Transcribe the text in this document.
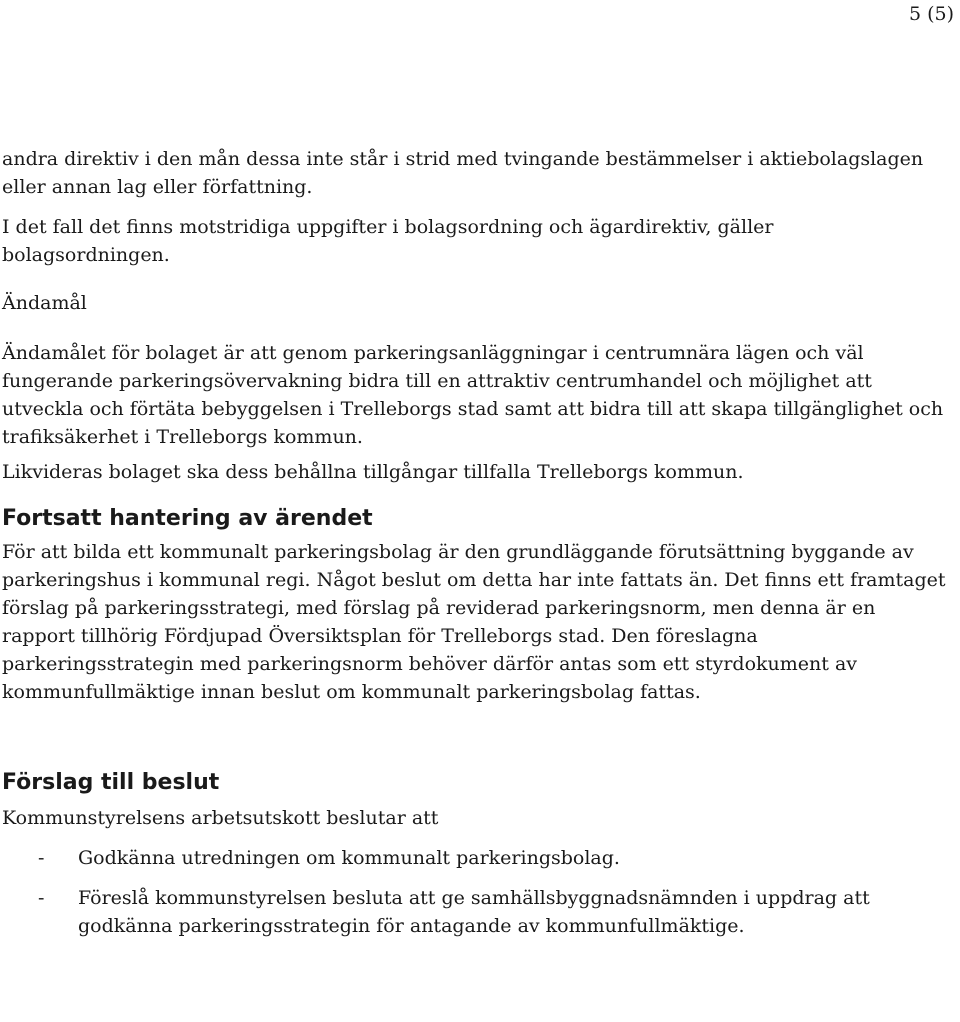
5 (5)

andra direktiv i den mån dessa inte står i strid med tvingande bestämmelser i aktiebolagslagen eller annan lag eller författning.

I det fall det finns motstridiga uppgifter i bolagsordning och ägardirektiv, gäller bolagsordningen.

Ändamål

Ändamålet för bolaget är att genom parkeringsanläggningar i centrumnära lägen och väl fungerande parkeringsövervakning bidra till en attraktiv centrumhandel och möjlighet att utveckla och förtäta bebyggelsen i Trelleborgs stad samt att bidra till att skapa tillgänglighet och trafiksäkerhet i Trelleborgs kommun.

Likvideras bolaget ska dess behållna tillgångar tillfalla Trelleborgs kommun.

Fortsatt hantering av ärendet

För att bilda ett kommunalt parkeringsbolag är den grundläggande förutsättning byggande av parkeringshus i kommunal regi. Något beslut om detta har inte fattats än. Det finns ett framtaget förslag på parkeringsstrategi, med förslag på reviderad parkeringsnorm, men denna är en rapport tillhörig Fördjupad Översiktsplan för Trelleborgs stad. Den föreslagna parkeringsstrategin med parkeringsnorm behöver därför antas som ett styrdokument av kommunfullmäktige innan beslut om kommunalt parkeringsbolag fattas.

Förslag till beslut

Kommunstyrelsens arbetsutskott beslutar att

-	Godkänna utredningen om kommunalt parkeringsbolag.
-	Föreslå kommunstyrelsen besluta att ge samhällsbyggnadsnämnden i uppdrag att godkänna parkeringsstrategin för antagande av kommunfullmäktige.
